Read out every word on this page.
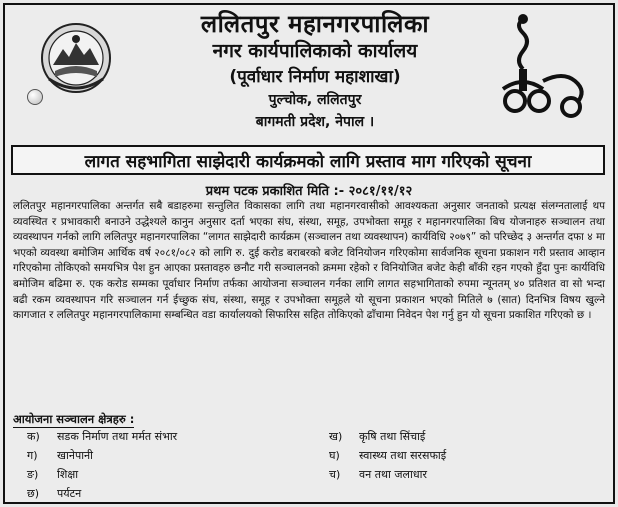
ललितपुर महानगरपालिका
नगर कार्यपालिकाको कार्यालय
(पूर्वाधार निर्माण महाशाखा)
पुल्चोक, ललितपुर
बागमती प्रदेश, नेपाल ।
लागत सहभागिता साझेदारी कार्यक्रमको लागि प्रस्ताव माग गरिएको सूचना
प्रथम पटक प्रकाशित मिति :- २०८१/११/१२
ललितपुर महानगरपालिका अन्तर्गत सबै बडाहरुमा सन्तुलित विकासका लागि तथा महानगरवासीको आवश्यकता अनुसार जनताको प्रत्यक्ष संलग्नतालाई थप व्यवस्थित र प्रभावकारी बनाउने उद्धेश्यले कानुन अनुसार दर्ता भएका संघ, संस्था, समूह, उपभोक्ता समूह र महानगरपालिका बिच योजनाहरु सञ्चालन तथा व्यवस्थापन गर्नको लागि ललितपुर महानगरपालिका “लागत साझेदारी कार्यक्रम (सञ्चालन तथा व्यवस्थापन) कार्यविधि २०७९” को परिच्छेद ३ अन्तर्गत दफा ४ मा भएको व्यवस्था बमोजिम आर्थिक वर्ष २०८१/०८२ को लागि रु. दुई करोड बराबरको बजेट विनियोजन गरिएकोमा सार्वजनिक सूचना प्रकाशन गरी प्रस्ताव आव्हान गरिएकोमा तोकिएको समयभित्र पेश हुन आएका प्रस्तावहरु छनौट गरी सञ्चालनको क्रममा रहेको र विनियोजित बजेट केही बाँकी रहन गएको हुँदा पुनः कार्यविधि बमोजिम बढिमा रु. एक करोड सम्मका पूर्वाधार निर्माण तर्फका आयोजना सञ्चालन गर्नका लागि लागत सहभागिताको रुपमा न्यूनतम् ४० प्रतिशत वा सो भन्दा बढी रकम व्यवस्थापन गरि सञ्चालन गर्न ईच्छुक संघ, संस्था, समूह र उपभोक्ता समूहले यो सूचना प्रकाशन भएको मितिले ७ (सात) दिनभित्र विषय खुल्ने कागजात र ललितपुर महानगरपालिकामा सम्बन्धित वडा कार्यालयको सिफारिस सहित तोकिएको ढाँचामा निवेदन पेश गर्नु हुन यो सूचना प्रकाशित गरिएको छ ।
आयोजना सञ्चालन क्षेत्रहरु :
क) सडक निर्माण तथा मर्मत संभार	ख) कृषि तथा सिंचाई
ग) खानेपानी	घ) स्वास्थ्य तथा सरसफाई
ङ) शिक्षा	च) वन तथा जलाधार
छ) पर्यटन
